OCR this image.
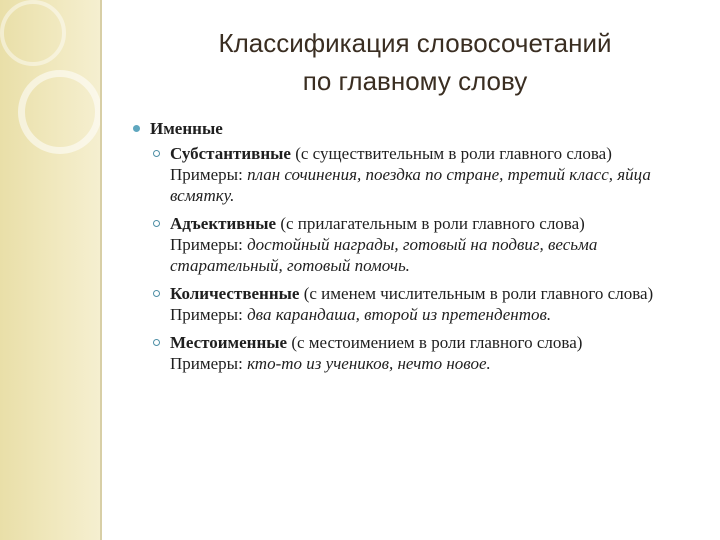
Классификация словосочетаний
по главному слову
Именные
Субстантивные (с существительным в роли главного слова)
Примеры: план сочинения, поездка по стране, третий класс, яйца всмятку.
Адъективные (с прилагательным в роли главного слова)
Примеры: достойный награды, готовый на подвиг, весьма старательный, готовый помочь.
Количественные (с именем числительным в роли главного слова)
Примеры: два карандаша, второй из претендентов.
Местоименные (с местоимением в роли главного слова)
Примеры: кто-то из учеников, нечто новое.
